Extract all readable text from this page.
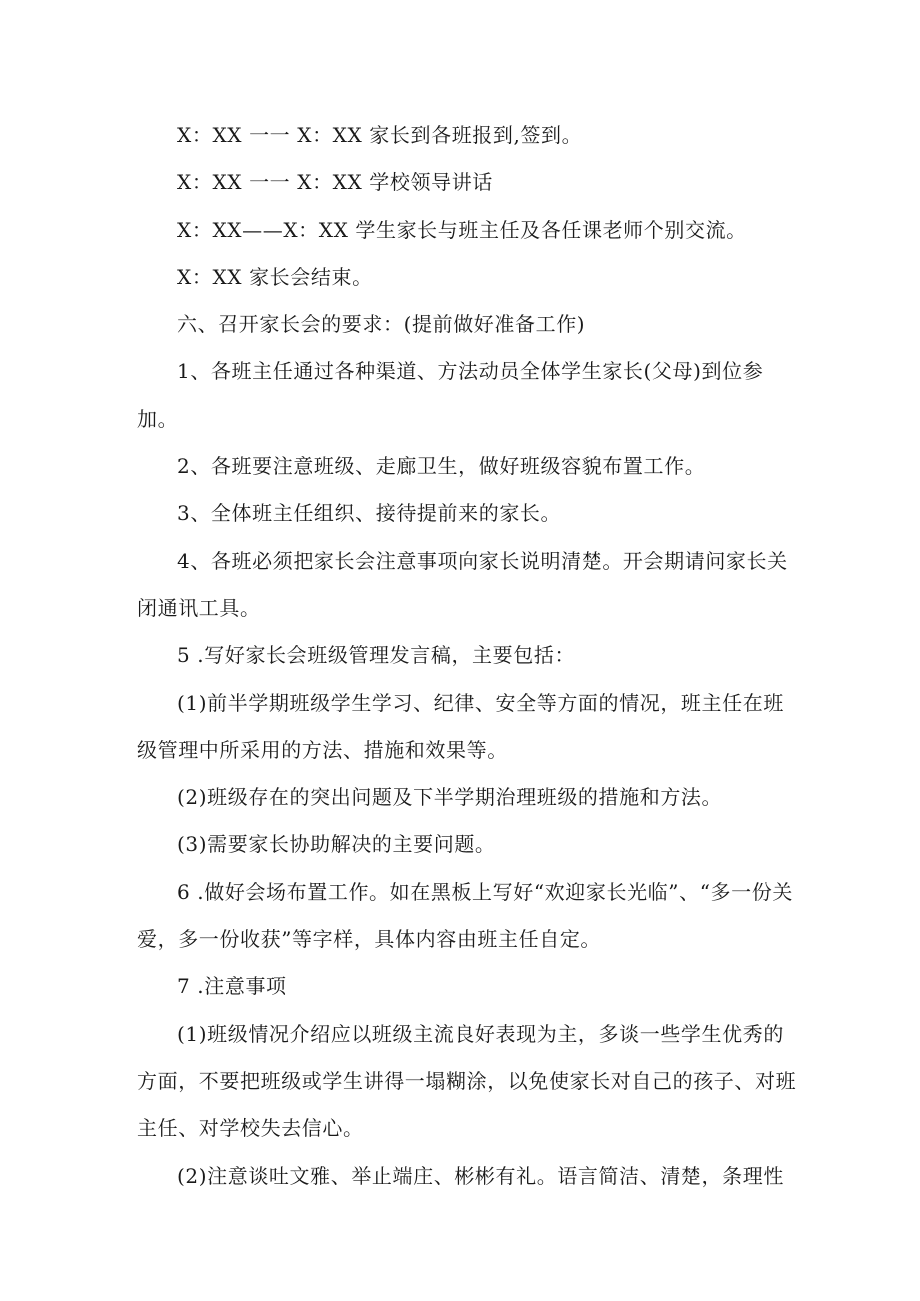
X：XX 一一 X：XX 家长到各班报到,签到。

X：XX 一一 X：XX 学校领导讲话

X：XX——X：XX 学生家长与班主任及各任课老师个别交流。

X：XX 家长会结束。

六、召开家长会的要求：(提前做好准备工作)

1、各班主任通过各种渠道、方法动员全体学生家长(父母)到位参加。

2、各班要注意班级、走廊卫生，做好班级容貌布置工作。

3、全体班主任组织、接待提前来的家长。

4、各班必须把家长会注意事项向家长说明清楚。开会期请问家长关闭通讯工具。

5 .写好家长会班级管理发言稿，主要包括：

(1)前半学期班级学生学习、纪律、安全等方面的情况，班主任在班级管理中所采用的方法、措施和效果等。

(2)班级存在的突出问题及下半学期治理班级的措施和方法。

(3)需要家长协助解决的主要问题。

6 .做好会场布置工作。如在黑板上写好“欢迎家长光临”、“多一份关爱，多一份收获”等字样，具体内容由班主任自定。

7 .注意事项

(1)班级情况介绍应以班级主流良好表现为主，多谈一些学生优秀的方面，不要把班级或学生讲得一塌糊涂，以免使家长对自己的孩子、对班主任、对学校失去信心。

(2)注意谈吐文雅、举止端庄、彬彬有礼。语言简洁、清楚，条理性
